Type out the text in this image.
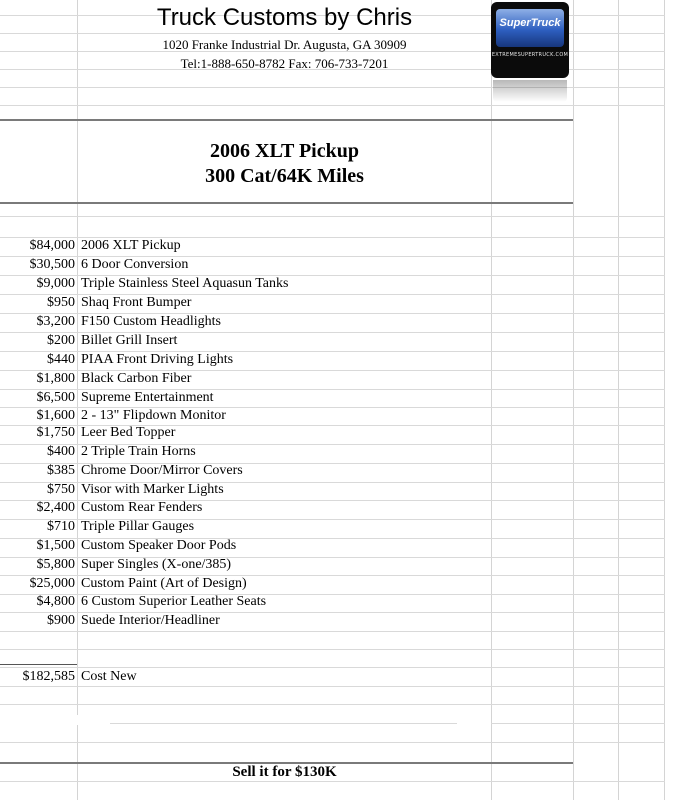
Truck Customs by Chris
1020 Franke Industrial Dr. Augusta, GA 30909
Tel:1-888-650-8782 Fax: 706-733-7201
SuperTruck
EXTREMESUPERTRUCK.COM
2006 XLT Pickup
300 Cat/64K Miles
$84,000 2006 XLT Pickup
$30,500 6 Door Conversion
$9,000 Triple Stainless Steel Aquasun Tanks
$950 Shaq Front Bumper
$3,200 F150 Custom Headlights
$200 Billet Grill Insert
$440 PIAA Front Driving Lights
$1,800 Black Carbon Fiber
$6,500 Supreme Entertainment
$1,600 2 - 13" Flipdown Monitor
$1,750 Leer Bed Topper
$400 2 Triple Train Horns
$385 Chrome Door/Mirror Covers
$750 Visor with Marker Lights
$2,400 Custom Rear Fenders
$710 Triple Pillar Gauges
$1,500 Custom Speaker Door Pods
$5,800 Super Singles (X-one/385)
$25,000 Custom Paint (Art of Design)
$4,800 6 Custom Superior Leather Seats
$900 Suede Interior/Headliner
$182,585 Cost New
Sell it for $130K
